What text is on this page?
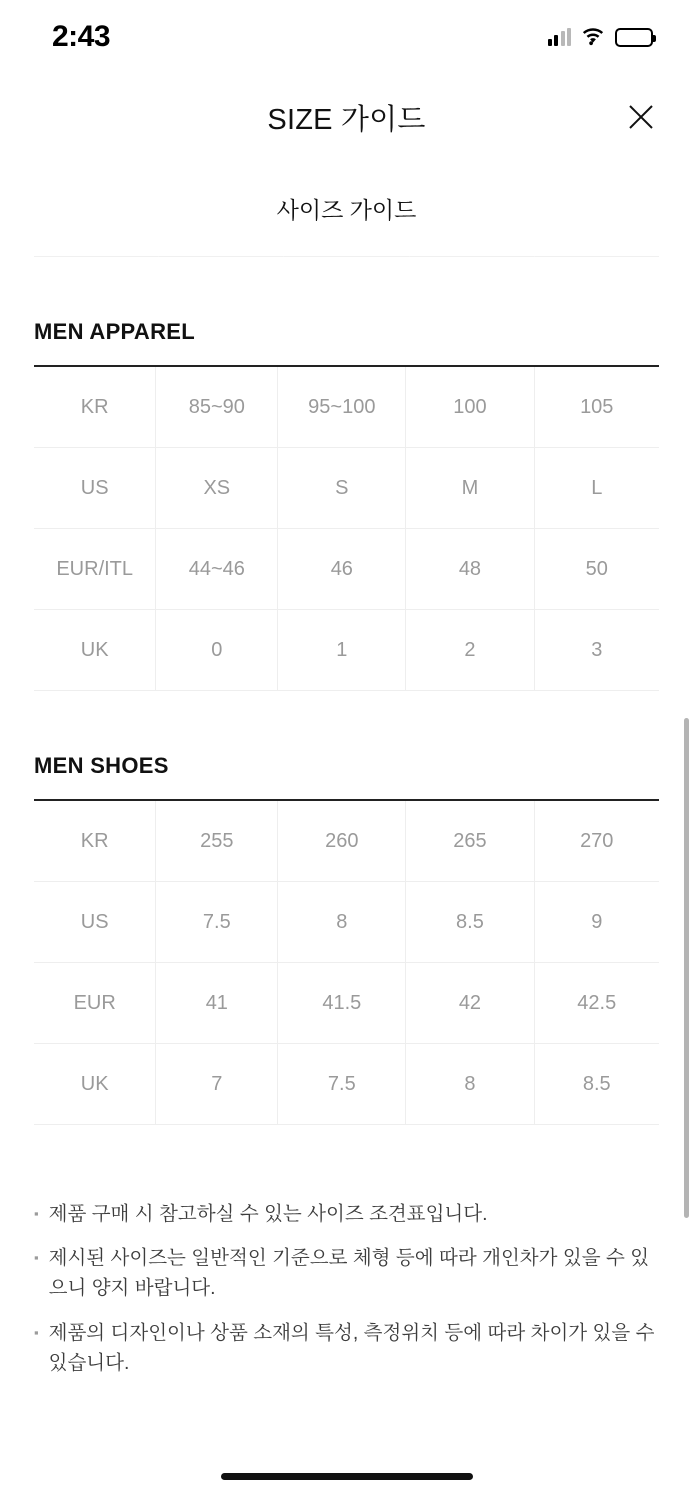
2:43
SIZE 가이드
사이즈 가이드
MEN APPAREL
KR	85~90	95~100	100	105
US	XS	S	M	L
EUR/ITL	44~46	46	48	50
UK	0	1	2	3
MEN SHOES
KR	255	260	265	270
US	7.5	8	8.5	9
EUR	41	41.5	42	42.5
UK	7	7.5	8	8.5
▪ 제품 구매 시 참고하실 수 있는 사이즈 조견표입니다.
▪ 제시된 사이즈는 일반적인 기준으로 체형 등에 따라 개인차가 있을 수 있으니 양지 바랍니다.
▪ 제품의 디자인이나 상품 소재의 특성, 측정위치 등에 따라 차이가 있을 수 있습니다.
